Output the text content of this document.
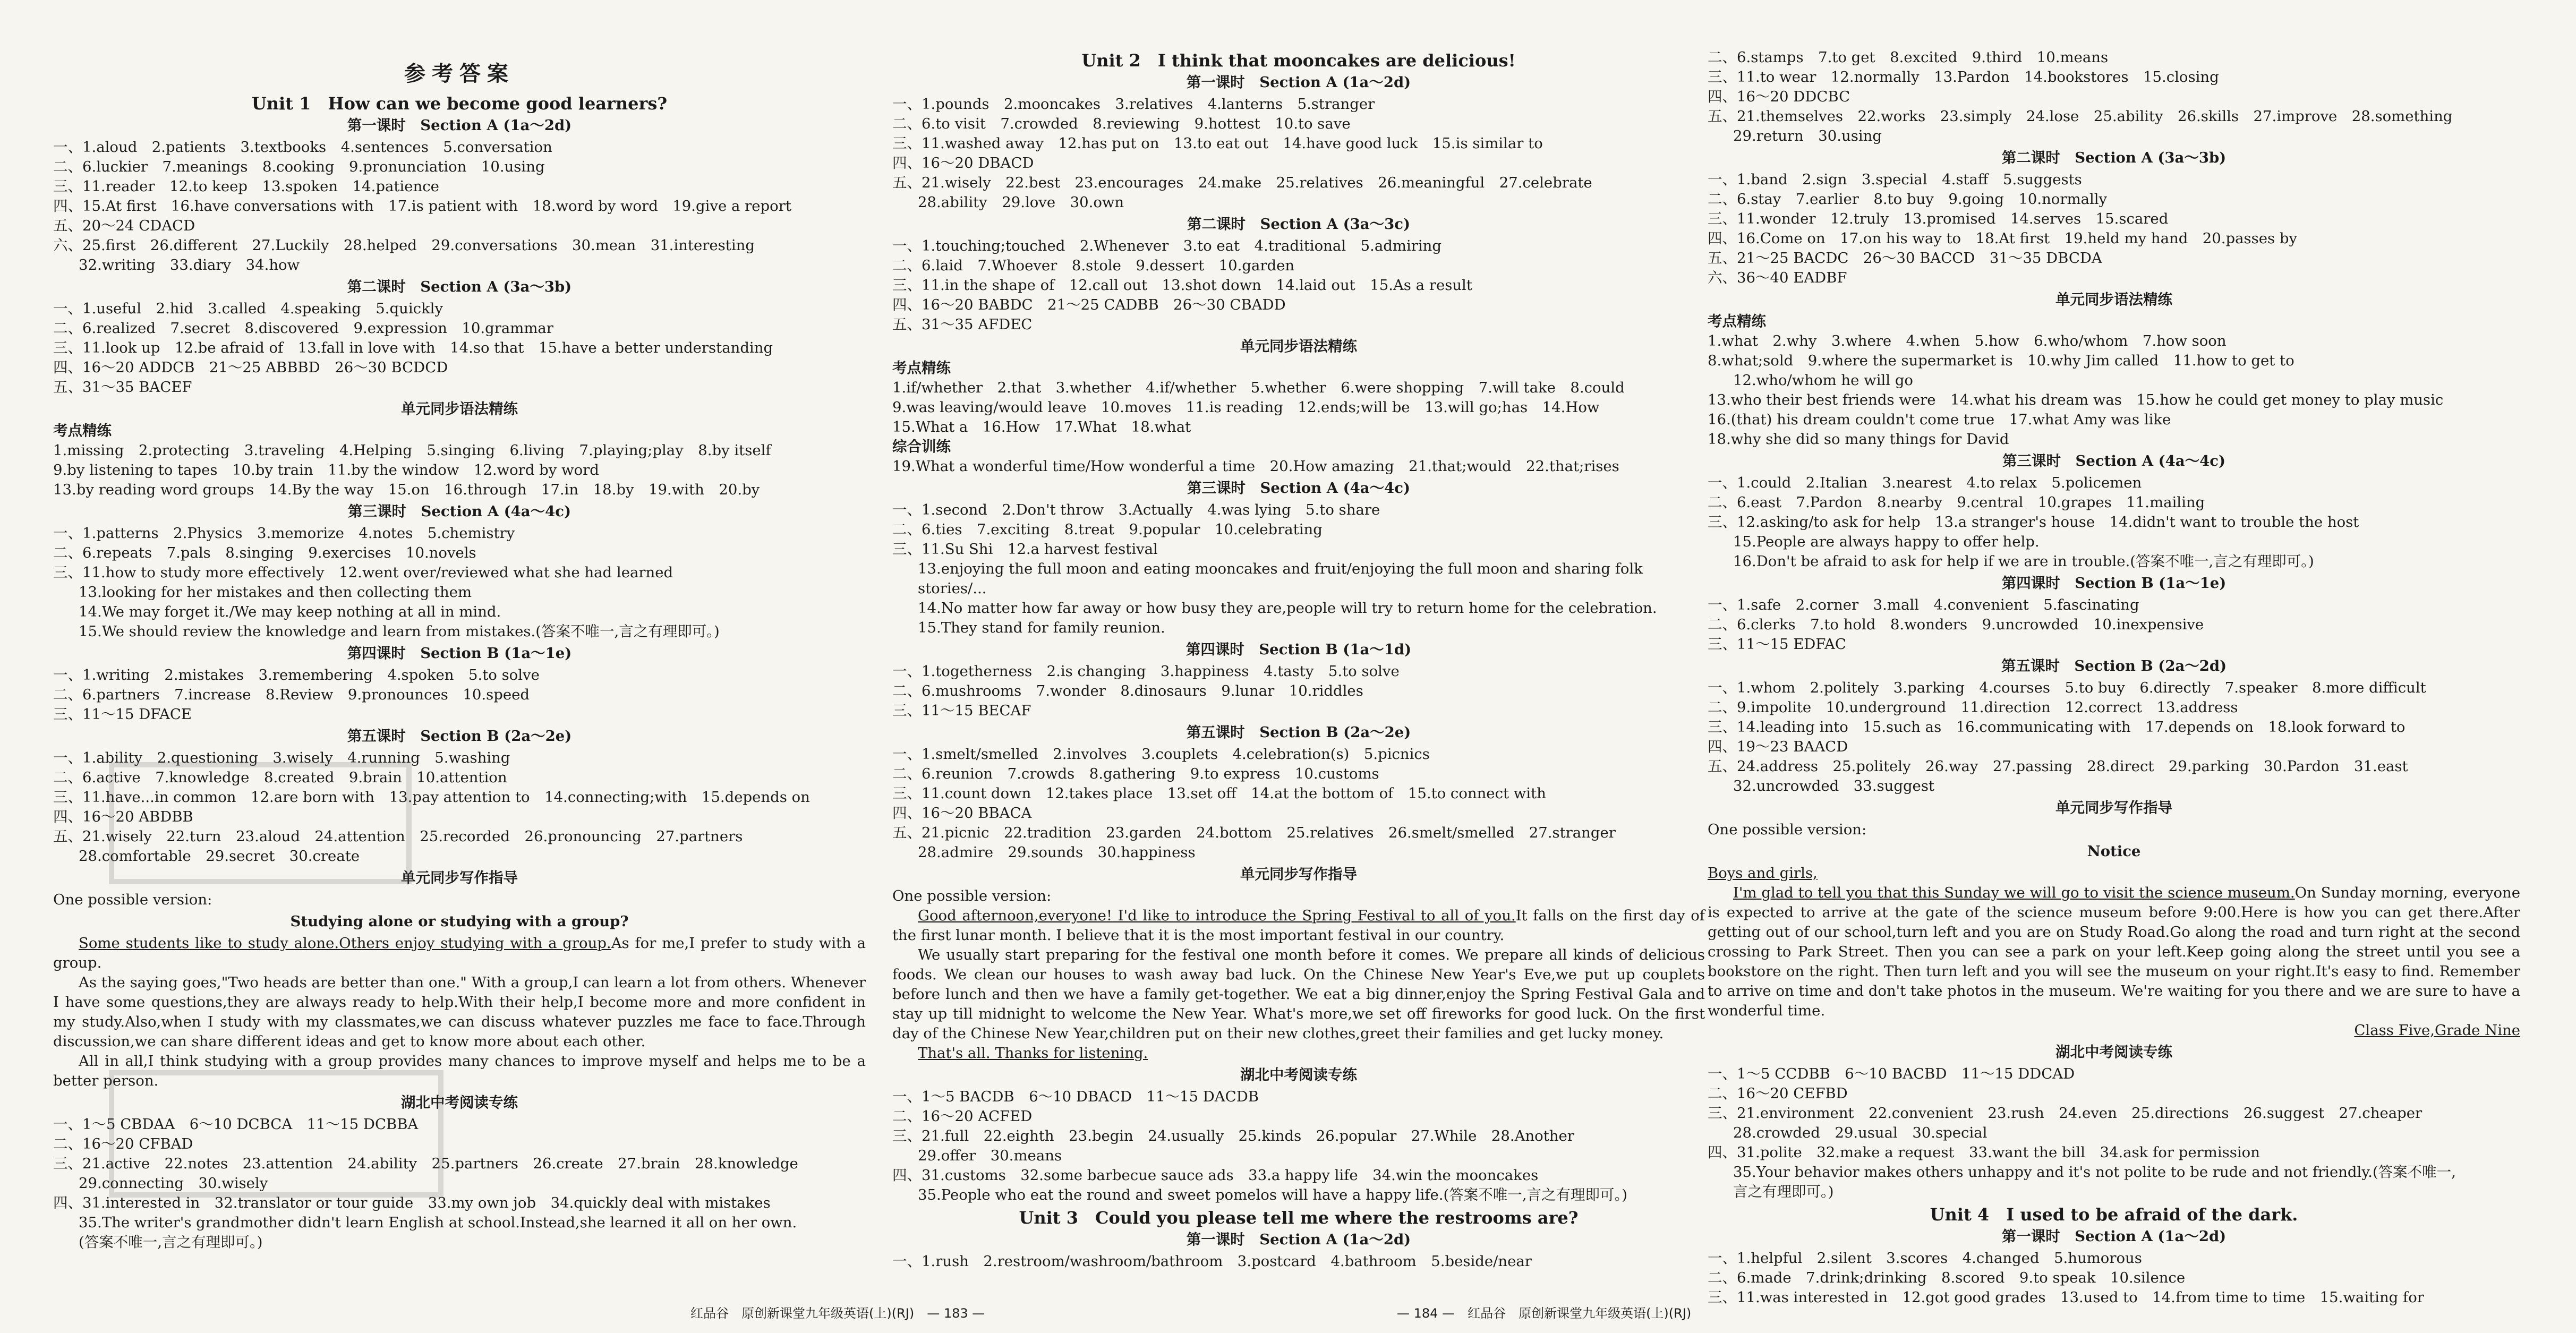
参考答案
Unit 1　How can we become good learners?
第一课时　Section A (1a～2d)
一、1.aloud　2.patients　3.textbooks　4.sentences　5.conversation
二、6.luckier　7.meanings　8.cooking　9.pronunciation　10.using
三、11.reader　12.to keep　13.spoken　14.patience
四、15.At first　16.have conversations with　17.is patient with　18.word by word　19.give a report
五、20～24 CDACD
六、25.first　26.different　27.Luckily　28.helped　29.conversations　30.mean　31.interesting
32.writing　33.diary　34.how
第二课时　Section A (3a～3b)
一、1.useful　2.hid　3.called　4.speaking　5.quickly
二、6.realized　7.secret　8.discovered　9.expression　10.grammar
三、11.look up　12.be afraid of　13.fall in love with　14.so that　15.have a better understanding
四、16～20 ADDCB　21～25 ABBBD　26～30 BCDCD
五、31～35 BACEF
单元同步语法精练
考点精练
1.missing　2.protecting　3.traveling　4.Helping　5.singing　6.living　7.playing;play　8.by itself
9.by listening to tapes　10.by train　11.by the window　12.word by word
13.by reading word groups　14.By the way　15.on　16.through　17.in　18.by　19.with　20.by
第三课时　Section A (4a～4c)
一、1.patterns　2.Physics　3.memorize　4.notes　5.chemistry
二、6.repeats　7.pals　8.singing　9.exercises　10.novels
三、11.how to study more effectively　12.went over/reviewed what she had learned
13.looking for her mistakes and then collecting them
14.We may forget it./We may keep nothing at all in mind.
15.We should review the knowledge and learn from mistakes.(答案不唯一,言之有理即可。)
第四课时　Section B (1a～1e)
一、1.writing　2.mistakes　3.remembering　4.spoken　5.to solve
二、6.partners　7.increase　8.Review　9.pronounces　10.speed
三、11～15 DFACE
第五课时　Section B (2a～2e)
一、1.ability　2.questioning　3.wisely　4.running　5.washing
二、6.active　7.knowledge　8.created　9.brain　10.attention
三、11.have...in common　12.are born with　13.pay attention to　14.connecting;with　15.depends on
四、16～20 ABDBB
五、21.wisely　22.turn　23.aloud　24.attention　25.recorded　26.pronouncing　27.partners
28.comfortable　29.secret　30.create
单元同步写作指导
One possible version:
Studying alone or studying with a group?
Some students like to study alone.Others enjoy studying with a group.As for me,I prefer to study with a group.
As the saying goes,"Two heads are better than one." With a group,I can learn a lot from others. Whenever I have some questions,they are always ready to help.With their help,I become more and more confident in my study.Also,when I study with my classmates,we can discuss whatever puzzles me face to face.Through discussion,we can share different ideas and get to know more about each other.
All in all,I think studying with a group provides many chances to improve myself and helps me to be a better person.
湖北中考阅读专练
一、1～5 CBDAA　6～10 DCBCA　11～15 DCBBA
二、16～20 CFBAD
三、21.active　22.notes　23.attention　24.ability　25.partners　26.create　27.brain　28.knowledge
29.connecting　30.wisely
四、31.interested in　32.translator or tour guide　33.my own job　34.quickly deal with mistakes
35.The writer's grandmother didn't learn English at school.Instead,she learned it all on her own.
(答案不唯一,言之有理即可。)
Unit 2　I think that mooncakes are delicious!
第一课时　Section A (1a～2d)
一、1.pounds　2.mooncakes　3.relatives　4.lanterns　5.stranger
二、6.to visit　7.crowded　8.reviewing　9.hottest　10.to save
三、11.washed away　12.has put on　13.to eat out　14.have good luck　15.is similar to
四、16～20 DBACD
五、21.wisely　22.best　23.encourages　24.make　25.relatives　26.meaningful　27.celebrate
28.ability　29.love　30.own
第二课时　Section A (3a～3c)
一、1.touching;touched　2.Whenever　3.to eat　4.traditional　5.admiring
二、6.laid　7.Whoever　8.stole　9.dessert　10.garden
三、11.in the shape of　12.call out　13.shot down　14.laid out　15.As a result
四、16～20 BABDC　21～25 CADBB　26～30 CBADD
五、31～35 AFDEC
单元同步语法精练
考点精练
1.if/whether　2.that　3.whether　4.if/whether　5.whether　6.were shopping　7.will take　8.could
9.was leaving/would leave　10.moves　11.is reading　12.ends;will be　13.will go;has　14.How
15.What a　16.How　17.What　18.what
综合训练
19.What a wonderful time/How wonderful a time　20.How amazing　21.that;would　22.that;rises
第三课时　Section A (4a～4c)
一、1.second　2.Don't throw　3.Actually　4.was lying　5.to share
二、6.ties　7.exciting　8.treat　9.popular　10.celebrating
三、11.Su Shi　12.a harvest festival
13.enjoying the full moon and eating mooncakes and fruit/enjoying the full moon and sharing folk stories/...
14.No matter how far away or how busy they are,people will try to return home for the celebration.
15.They stand for family reunion.
第四课时　Section B (1a～1d)
一、1.togetherness　2.is changing　3.happiness　4.tasty　5.to solve
二、6.mushrooms　7.wonder　8.dinosaurs　9.lunar　10.riddles
三、11～15 BECAF
第五课时　Section B (2a～2e)
一、1.smelt/smelled　2.involves　3.couplets　4.celebration(s)　5.picnics
二、6.reunion　7.crowds　8.gathering　9.to express　10.customs
三、11.count down　12.takes place　13.set off　14.at the bottom of　15.to connect with
四、16～20 BBACA
五、21.picnic　22.tradition　23.garden　24.bottom　25.relatives　26.smelt/smelled　27.stranger
28.admire　29.sounds　30.happiness
单元同步写作指导
One possible version:
Good afternoon,everyone! I'd like to introduce the Spring Festival to all of you.It falls on the first day of the first lunar month. I believe that it is the most important festival in our country.
We usually start preparing for the festival one month before it comes. We prepare all kinds of delicious foods. We clean our houses to wash away bad luck. On the Chinese New Year's Eve,we put up couplets before lunch and then we have a family get-together. We eat a big dinner,enjoy the Spring Festival Gala and stay up till midnight to welcome the New Year. What's more,we set off fireworks for good luck. On the first day of the Chinese New Year,children put on their new clothes,greet their families and get lucky money.
That's all. Thanks for listening.
湖北中考阅读专练
一、1～5 BACDB　6～10 DBACD　11～15 DACDB
二、16～20 ACFED
三、21.full　22.eighth　23.begin　24.usually　25.kinds　26.popular　27.While　28.Another
29.offer　30.means
四、31.customs　32.some barbecue sauce ads　33.a happy life　34.win the mooncakes
35.People who eat the round and sweet pomelos will have a happy life.(答案不唯一,言之有理即可。)
Unit 3　Could you please tell me where the restrooms are?
第一课时　Section A (1a～2d)
一、1.rush　2.restroom/washroom/bathroom　3.postcard　4.bathroom　5.beside/near
二、6.stamps　7.to get　8.excited　9.third　10.means
三、11.to wear　12.normally　13.Pardon　14.bookstores　15.closing
四、16～20 DDCBC
五、21.themselves　22.works　23.simply　24.lose　25.ability　26.skills　27.improve　28.something
29.return　30.using
第二课时　Section A (3a～3b)
一、1.band　2.sign　3.special　4.staff　5.suggests
二、6.stay　7.earlier　8.to buy　9.going　10.normally
三、11.wonder　12.truly　13.promised　14.serves　15.scared
四、16.Come on　17.on his way to　18.At first　19.held my hand　20.passes by
五、21～25 BACDC　26～30 BACCD　31～35 DBCDA
六、36～40 EADBF
单元同步语法精练
考点精练
1.what　2.why　3.where　4.when　5.how　6.who/whom　7.how soon
8.what;sold　9.where the supermarket is　10.why Jim called　11.how to get to
12.who/whom he will go
13.who their best friends were　14.what his dream was　15.how he could get money to play music
16.(that) his dream couldn't come true　17.what Amy was like
18.why she did so many things for David
第三课时　Section A (4a～4c)
一、1.could　2.Italian　3.nearest　4.to relax　5.policemen
二、6.east　7.Pardon　8.nearby　9.central　10.grapes　11.mailing
三、12.asking/to ask for help　13.a stranger's house　14.didn't want to trouble the host
15.People are always happy to offer help.
16.Don't be afraid to ask for help if we are in trouble.(答案不唯一,言之有理即可。)
第四课时　Section B (1a～1e)
一、1.safe　2.corner　3.mall　4.convenient　5.fascinating
二、6.clerks　7.to hold　8.wonders　9.uncrowded　10.inexpensive
三、11～15 EDFAC
第五课时　Section B (2a～2d)
一、1.whom　2.politely　3.parking　4.courses　5.to buy　6.directly　7.speaker　8.more difficult
二、9.impolite　10.underground　11.direction　12.correct　13.address
三、14.leading into　15.such as　16.communicating with　17.depends on　18.look forward to
四、19～23 BAACD
五、24.address　25.politely　26.way　27.passing　28.direct　29.parking　30.Pardon　31.east
32.uncrowded　33.suggest
单元同步写作指导
One possible version:
Notice
Boys and girls,
I'm glad to tell you that this Sunday we will go to visit the science museum.On Sunday morning, everyone is expected to arrive at the gate of the science museum before 9:00.Here is how you can get there.After getting out of our school,turn left and you are on Study Road.Go along the road and turn right at the second crossing to Park Street. Then you can see a park on your left.Keep going along the street until you see a bookstore on the right. Then turn left and you will see the museum on your right.It's easy to find. Remember to arrive on time and don't take photos in the museum. We're waiting for you there and we are sure to have a wonderful time.
Class Five,Grade Nine
湖北中考阅读专练
一、1～5 CCDBB　6～10 BACBD　11～15 DDCAD
二、16～20 CEFBD
三、21.environment　22.convenient　23.rush　24.even　25.directions　26.suggest　27.cheaper
28.crowded　29.usual　30.special
四、31.polite　32.make a request　33.want the bill　34.ask for permission
35.Your behavior makes others unhappy and it's not polite to be rude and not friendly.(答案不唯一,
言之有理即可。)
Unit 4　I used to be afraid of the dark.
第一课时　Section A (1a～2d)
一、1.helpful　2.silent　3.scores　4.changed　5.humorous
二、6.made　7.drink;drinking　8.scored　9.to speak　10.silence
三、11.was interested in　12.got good grades　13.used to　14.from time to time　15.waiting for
红品谷　原创新课堂九年级英语(上)(RJ)　— 183 —	— 184 —　红品谷　原创新课堂九年级英语(上)(RJ)
